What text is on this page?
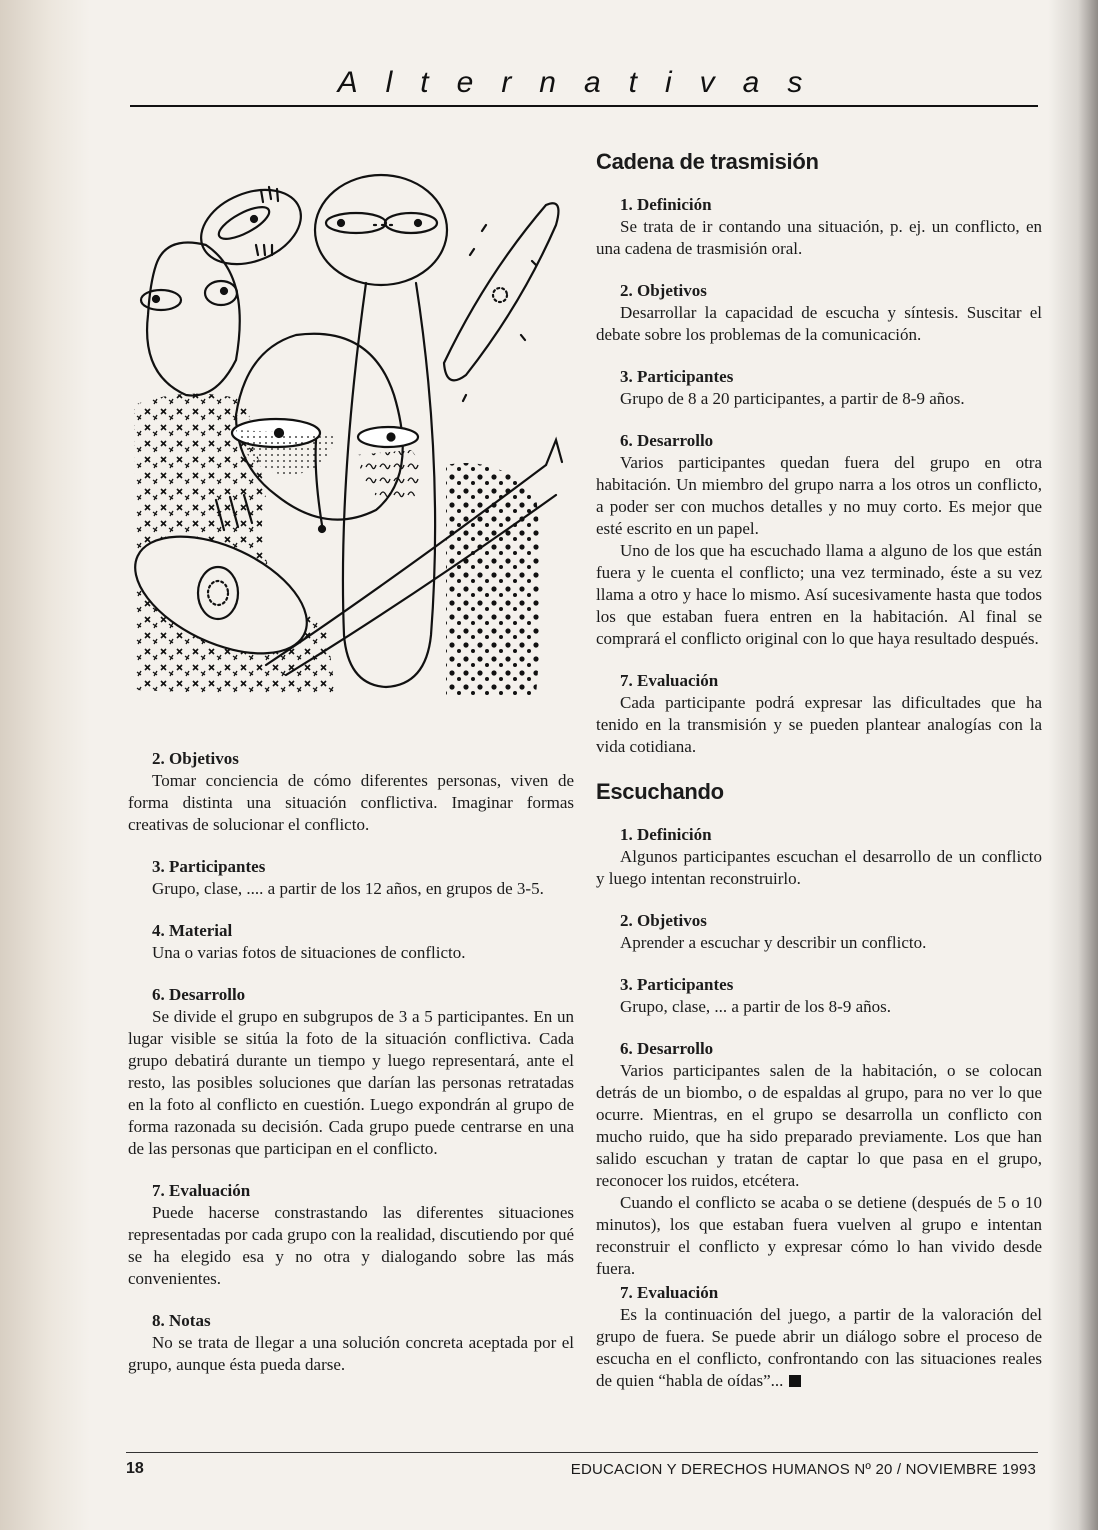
Alternativas
2. Objetivos

Tomar conciencia de cómo diferentes personas, viven de forma distinta una situación conflictiva. Imaginar formas creativas de solucionar el conflicto.

3. Participantes

Grupo, clase, .... a partir de los 12 años, en grupos de 3-5.

4. Material

Una o varias fotos de situaciones de conflicto.

6. Desarrollo

Se divide el grupo en subgrupos de 3 a 5 participantes. En un lugar visible se sitúa la foto de la situación conflictiva. Cada grupo debatirá durante un tiempo y luego representará, ante el resto, las posibles soluciones que darían las personas retratadas en la foto al conflicto en cuestión. Luego expondrán al grupo de forma razonada su decisión. Cada grupo puede centrarse en una de las personas que participan en el conflicto.

7. Evaluación

Puede hacerse constrastando las diferentes situaciones representadas por cada grupo con la realidad, discutiendo por qué se ha elegido esa y no otra y dialogando sobre las más convenientes.

8. Notas

No se trata de llegar a una solución concreta aceptada por el grupo, aunque ésta pueda darse.

Cadena de trasmisión
1. Definición

Se trata de ir contando una situación, p. ej. un conflicto, en una cadena de trasmisión oral.

2. Objetivos

Desarrollar la capacidad de escucha y síntesis. Suscitar el debate sobre los problemas de la comunicación.

3. Participantes

Grupo de 8 a 20 participantes, a partir de 8-9 años.

6. Desarrollo

Varios participantes quedan fuera del grupo en otra habitación. Un miembro del grupo narra a los otros un conflicto, a poder ser con muchos detalles y no muy corto. Es mejor que esté escrito en un papel.

Uno de los que ha escuchado llama a alguno de los que están fuera y le cuenta el conflicto; una vez terminado, éste a su vez llama a otro y hace lo mismo. Así sucesivamente hasta que todos los que estaban fuera entren en la habitación. Al final se comprará el conflicto original con lo que haya resultado después.

7. Evaluación

Cada participante podrá expresar las dificultades que ha tenido en la transmisión y se pueden plantear analogías con la vida cotidiana.

Escuchando
1. Definición

Algunos participantes escuchan el desarrollo de un conflicto y luego intentan reconstruirlo.

2. Objetivos

Aprender a escuchar y describir un conflicto.

3. Participantes

Grupo, clase, ... a partir de los 8-9 años.

6. Desarrollo

Varios participantes salen de la habitación, o se colocan detrás de un biombo, o de espaldas al grupo, para no ver lo que ocurre. Mientras, en el grupo se desarrolla un conflicto con mucho ruido, que ha sido preparado previamente. Los que han salido escuchan y tratan de captar lo que pasa en el grupo, reconocer los ruidos, etcétera.

Cuando el conflicto se acaba o se detiene (después de 5 o 10 minutos), los que estaban fuera vuelven al grupo e intentan reconstruir el conflicto y expresar cómo lo han vivido desde fuera.

7. Evaluación

Es la continuación del juego, a partir de la valoración del grupo de fuera. Se puede abrir un diálogo sobre el proceso de escucha en el conflicto, confrontando con las situaciones reales de quien “habla de oídas”...

18	EDUCACION Y DERECHOS HUMANOS Nº 20 / NOVIEMBRE 1993
